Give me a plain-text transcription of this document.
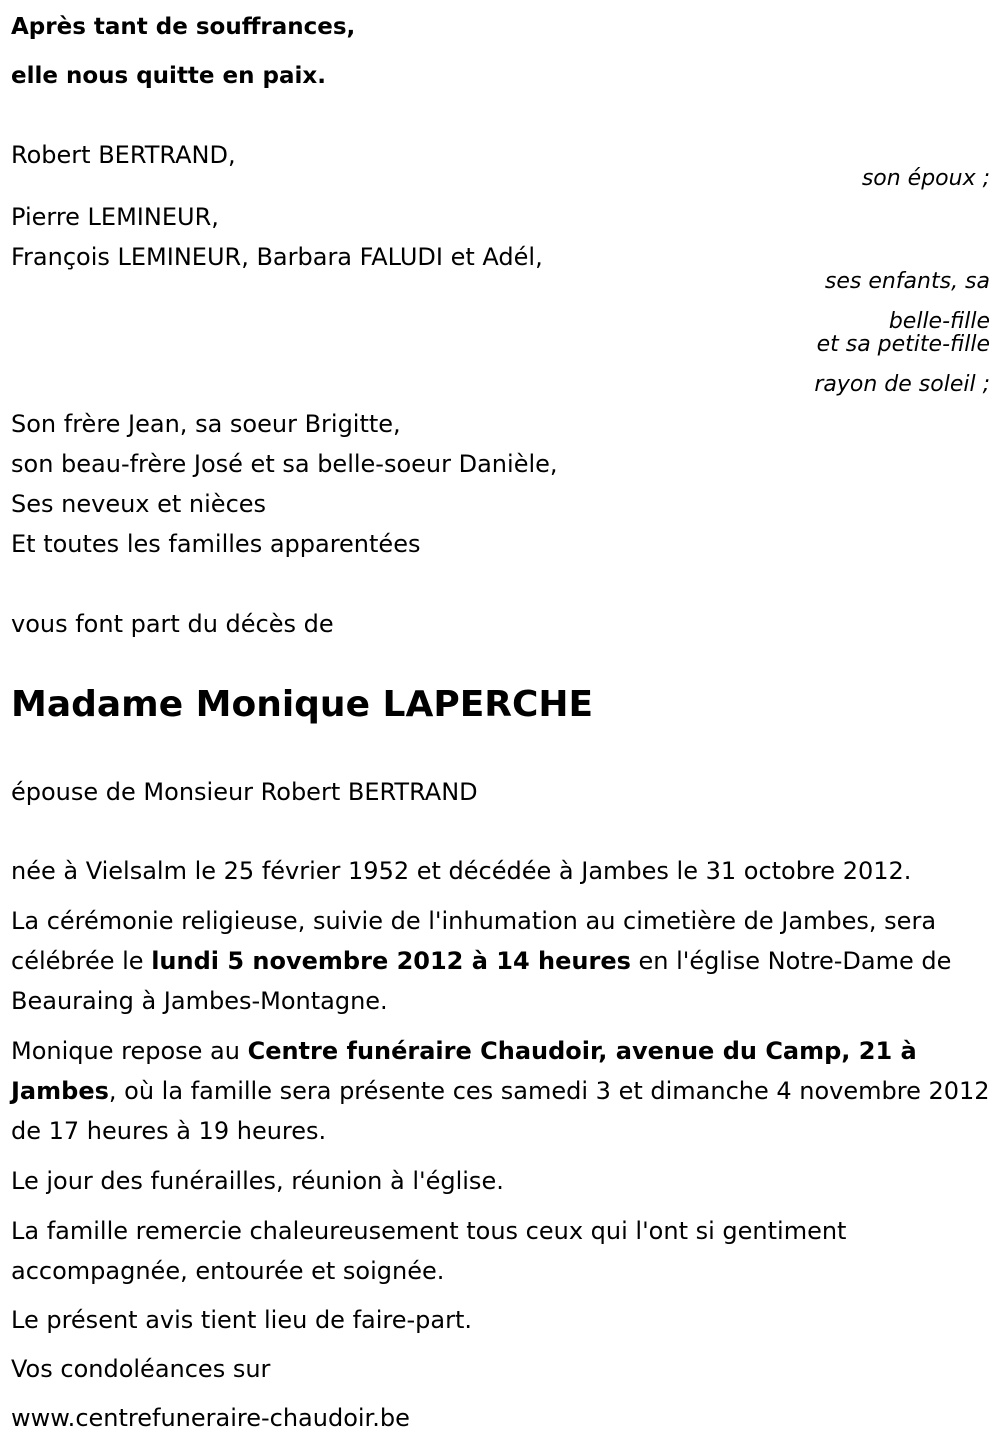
Après tant de souffrances,
elle nous quitte en paix.
Robert BERTRAND,
son époux ;
Pierre LEMINEUR,
François LEMINEUR, Barbara FALUDI et Adél,
ses enfants, sa
belle-fille
et sa petite-fille
rayon de soleil ;
Son frère Jean, sa soeur Brigitte,
son beau-frère José et sa belle-soeur Danièle,
Ses neveux et nièces
Et toutes les familles apparentées
vous font part du décès de
Madame Monique LAPERCHE
épouse de Monsieur Robert BERTRAND
née à Vielsalm le 25 février 1952 et décédée à Jambes le 31 octobre 2012.
La cérémonie religieuse, suivie de l'inhumation au cimetière de Jambes, sera célébrée le lundi 5 novembre 2012 à 14 heures en l'église Notre-Dame de Beauraing à Jambes-Montagne.
Monique repose au Centre funéraire Chaudoir, avenue du Camp, 21 à Jambes, où la famille sera présente ces samedi 3 et dimanche 4 novembre 2012 de 17 heures à 19 heures.
Le jour des funérailles, réunion à l'église.
La famille remercie chaleureusement tous ceux qui l'ont si gentiment accompagnée, entourée et soignée.
Le présent avis tient lieu de faire-part.
Vos condoléances sur
www.centrefuneraire-chaudoir.be
